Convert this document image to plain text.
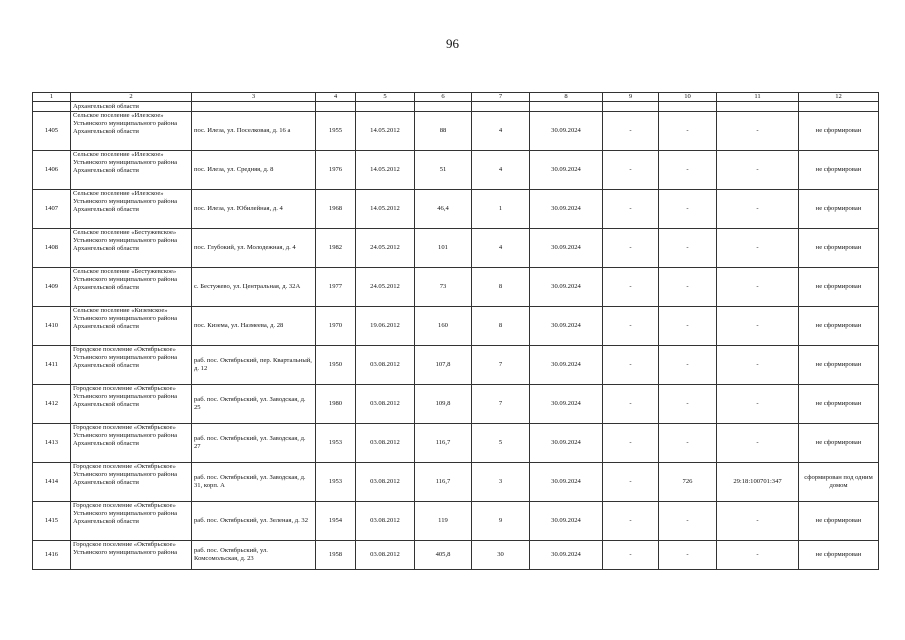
96
1	2	3	4	5	6	7	8	9	10	11	12
	Архангельской области										
1405	Сельское поселение «Илезское» Устьянского муниципального района Архангельской области	пос. Илеза, ул. Поселковая, д. 16 а	1955	14.05.2012	88	4	30.09.2024	-	-	-	не сформирован
1406	Сельское поселение «Илезское» Устьянского муниципального района Архангельской области	пос. Илеза, ул. Средняя, д. 8	1976	14.05.2012	51	4	30.09.2024	-	-	-	не сформирован
1407	Сельское поселение «Илезское» Устьянского муниципального района Архангельской области	пос. Илеза, ул. Юбилейная, д. 4	1968	14.05.2012	46,4	1	30.09.2024	-	-	-	не сформирован
1408	Сельское поселение «Бестужевское» Устьянского муниципального района Архангельской области	пос. Глубокий, ул. Молодежная, д. 4	1982	24.05.2012	101	4	30.09.2024	-	-	-	не сформирован
1409	Сельское поселение «Бестужевское» Устьянского муниципального района Архангельской области	с. Бестужево, ул. Центральная, д. 32А	1977	24.05.2012	73	8	30.09.2024	-	-	-	не сформирован
1410	Сельское поселение «Киземское» Устьянского муниципального района Архангельской области	пос. Кизема, ул. Назмеева, д. 28	1970	19.06.2012	160	8	30.09.2024	-	-	-	не сформирован
1411	Городское поселение «Октябрьское» Устьянского муниципального района Архангельской области	раб. пос. Октябрьский, пер. Квартальный, д. 12	1950	03.08.2012	107,8	7	30.09.2024	-	-	-	не сформирован
1412	Городское поселение «Октябрьское» Устьянского муниципального района Архангельской области	раб. пос. Октябрьский, ул. Заводская, д. 25	1980	03.08.2012	109,8	7	30.09.2024	-	-	-	не сформирован
1413	Городское поселение «Октябрьское» Устьянского муниципального района Архангельской области	раб. пос. Октябрьский, ул. Заводская, д. 27	1953	03.08.2012	116,7	5	30.09.2024	-	-	-	не сформирован
1414	Городское поселение «Октябрьское» Устьянского муниципального района Архангельской области	раб. пос. Октябрьский, ул. Заводская, д. 31, корп. А	1953	03.08.2012	116,7	3	30.09.2024	-	726	29:18:100701:347	сформирован под одним домом
1415	Городское поселение «Октябрьское» Устьянского муниципального района Архангельской области	раб. пос. Октябрьский, ул. Зеленая, д. 32	1954	03.08.2012	119	9	30.09.2024	-	-	-	не сформирован
1416	Городское поселение «Октябрьское» Устьянского муниципального района	раб. пос. Октябрьский, ул. Комсомольская, д. 23	1958	03.08.2012	405,8	30	30.09.2024	-	-	-	не сформирован
